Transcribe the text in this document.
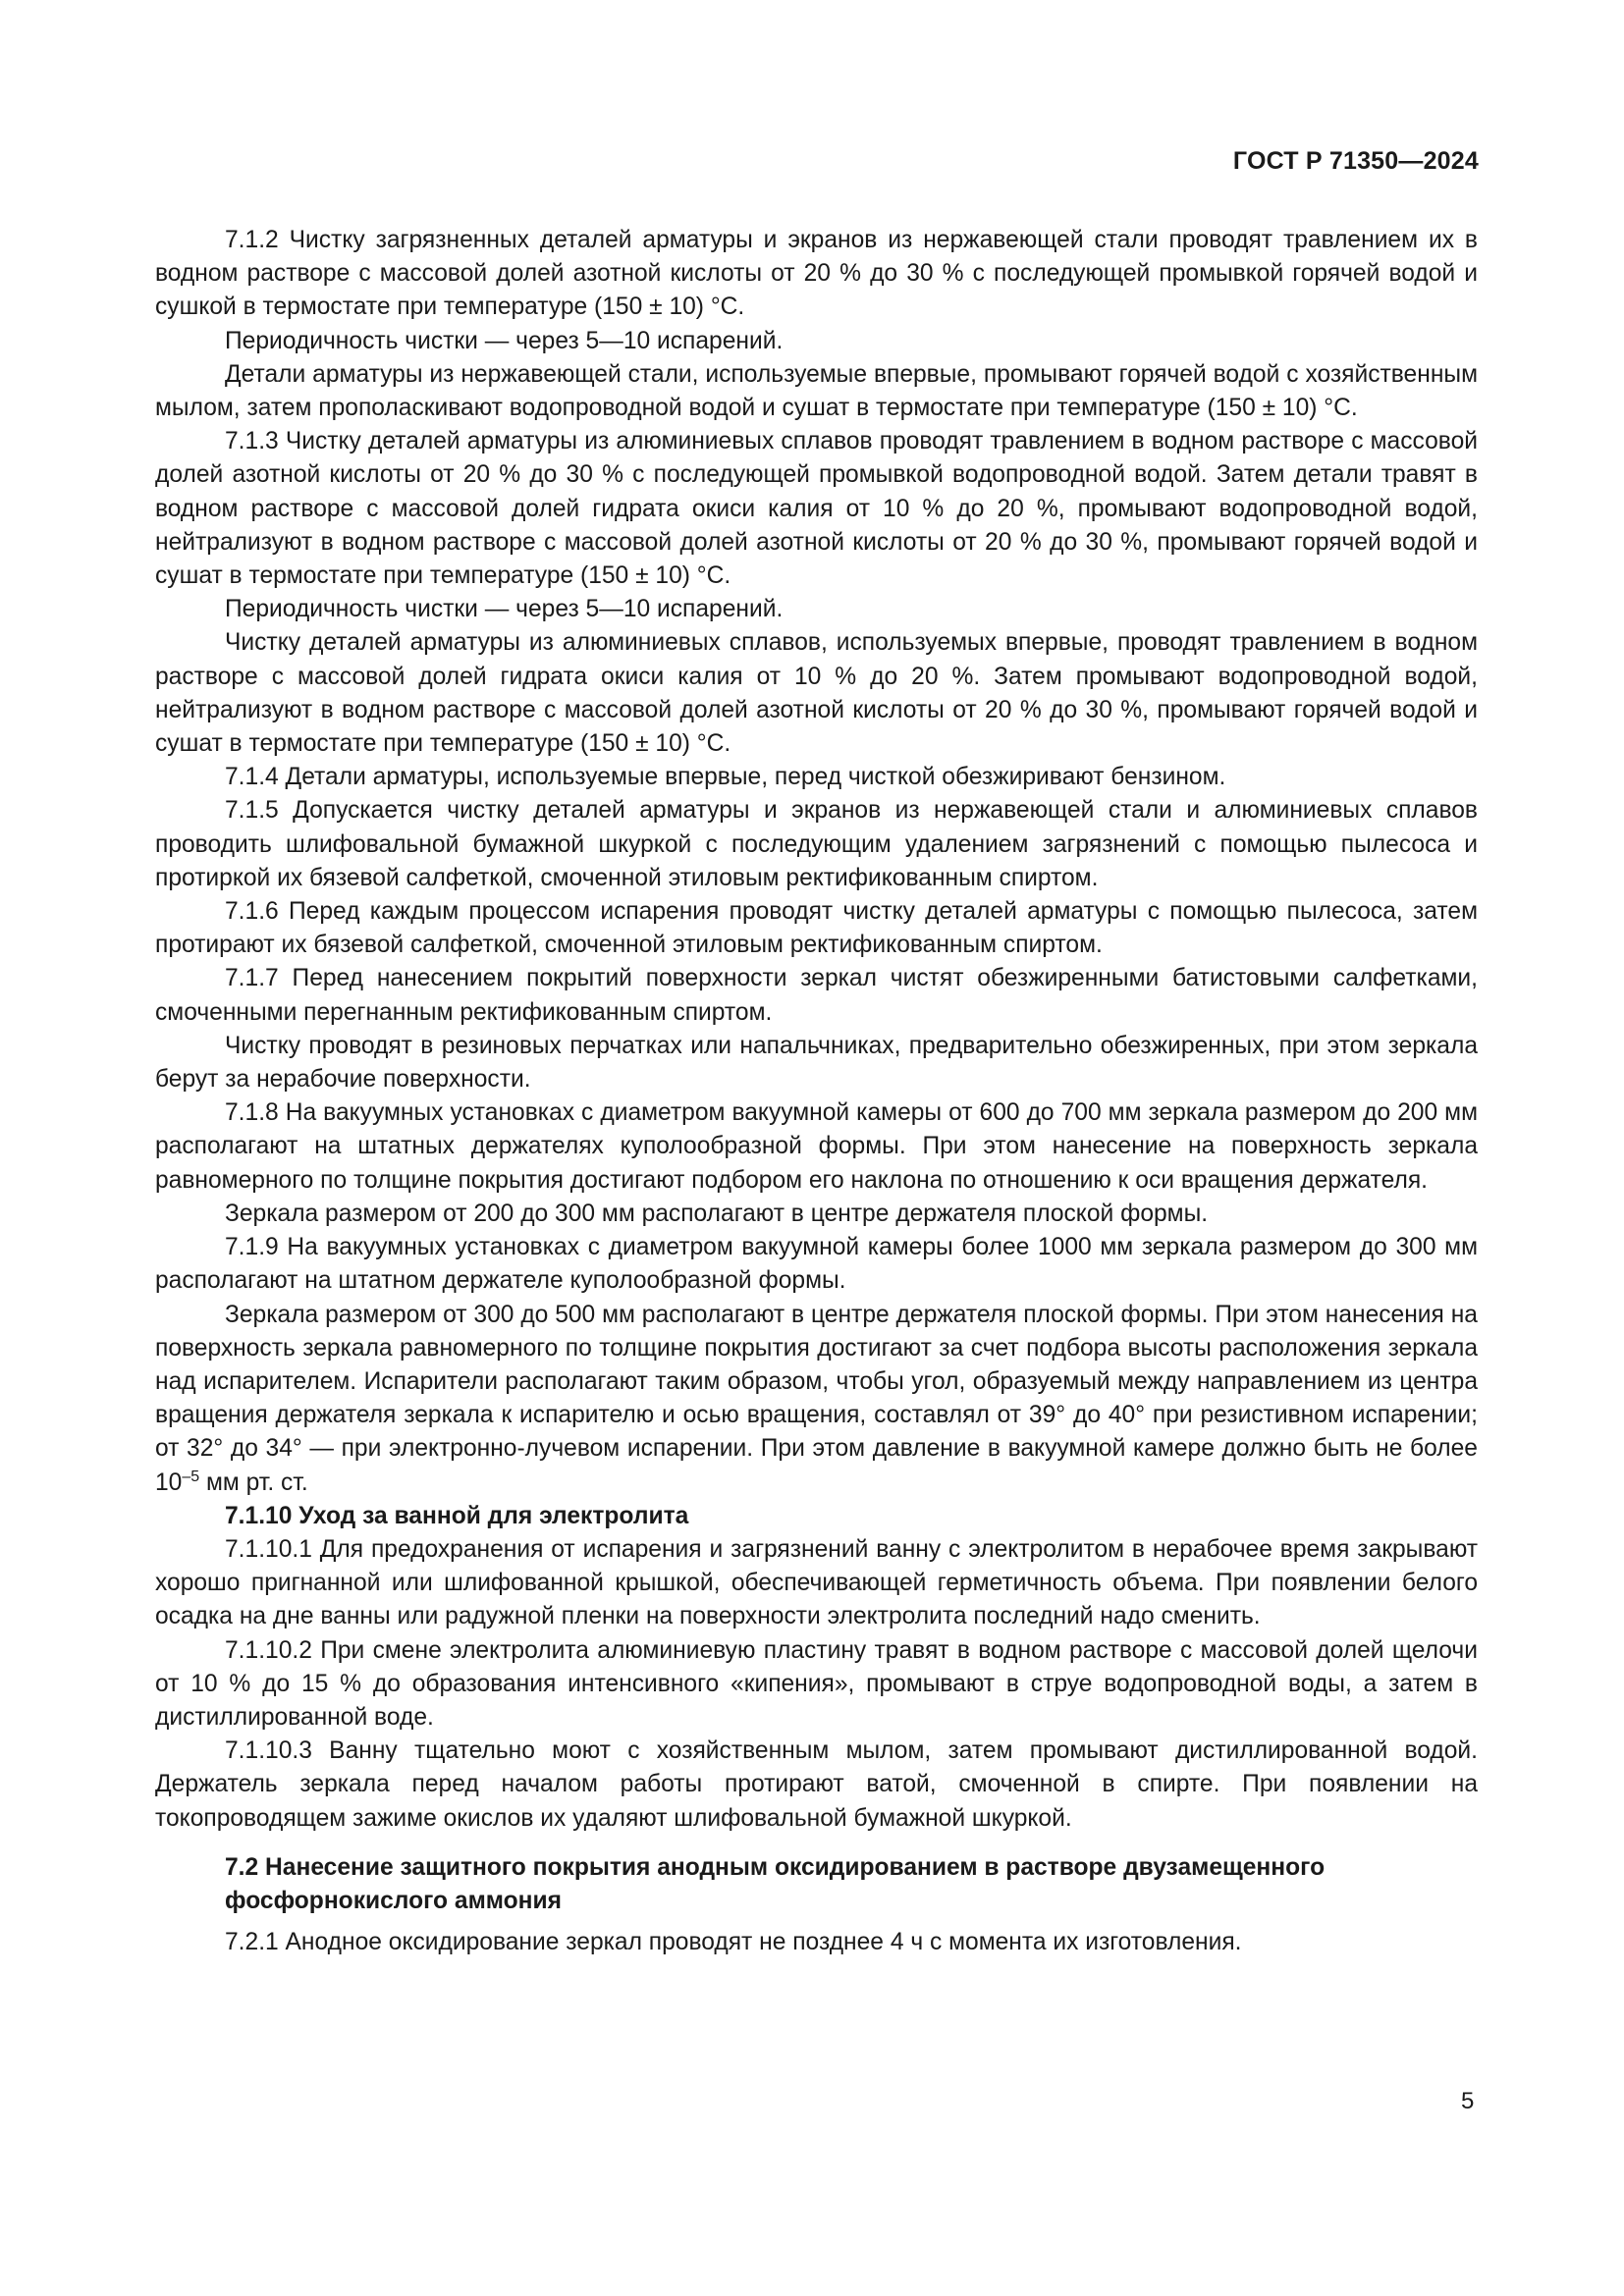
ГОСТ Р 71350—2024

7.1.2 Чистку загрязненных деталей арматуры и экранов из нержавеющей стали проводят травлением их в водном растворе с массовой долей азотной кислоты от 20 % до 30 % с последующей промывкой горячей водой и сушкой в термостате при температуре (150 ± 10) °С.

Периодичность чистки — через 5—10 испарений.

Детали арматуры из нержавеющей стали, используемые впервые, промывают горячей водой с хозяйственным мылом, затем прополаскивают водопроводной водой и сушат в термостате при температуре (150 ± 10) °С.

7.1.3 Чистку деталей арматуры из алюминиевых сплавов проводят травлением в водном растворе с массовой долей азотной кислоты от 20 % до 30 % с последующей промывкой водопроводной водой. Затем детали травят в водном растворе с массовой долей гидрата окиси калия от 10 % до 20 %, промывают водопроводной водой, нейтрализуют в водном растворе с массовой долей азотной кислоты от 20 % до 30 %, промывают горячей водой и сушат в термостате при температуре (150 ± 10) °С.

Периодичность чистки — через 5—10 испарений.

Чистку деталей арматуры из алюминиевых сплавов, используемых впервые, проводят травлением в водном растворе с массовой долей гидрата окиси калия от 10 % до 20 %. Затем промывают водопроводной водой, нейтрализуют в водном растворе с массовой долей азотной кислоты от 20 % до 30 %, промывают горячей водой и сушат в термостате при температуре (150 ± 10) °С.

7.1.4 Детали арматуры, используемые впервые, перед чисткой обезжиривают бензином.

7.1.5 Допускается чистку деталей арматуры и экранов из нержавеющей стали и алюминиевых сплавов проводить шлифовальной бумажной шкуркой с последующим удалением загрязнений с помощью пылесоса и протиркой их бязевой салфеткой, смоченной этиловым ректификованным спиртом.

7.1.6 Перед каждым процессом испарения проводят чистку деталей арматуры с помощью пылесоса, затем протирают их бязевой салфеткой, смоченной этиловым ректификованным спиртом.

7.1.7 Перед нанесением покрытий поверхности зеркал чистят обезжиренными батистовыми салфетками, смоченными перегнанным ректификованным спиртом.

Чистку проводят в резиновых перчатках или напальчниках, предварительно обезжиренных, при этом зеркала берут за нерабочие поверхности.

7.1.8 На вакуумных установках с диаметром вакуумной камеры от 600 до 700 мм зеркала размером до 200 мм располагают на штатных держателях куполообразной формы. При этом нанесение на поверхность зеркала равномерного по толщине покрытия достигают подбором его наклона по отношению к оси вращения держателя.

Зеркала размером от 200 до 300 мм располагают в центре держателя плоской формы.

7.1.9 На вакуумных установках с диаметром вакуумной камеры более 1000 мм зеркала размером до 300 мм располагают на штатном держателе куполообразной формы.

Зеркала размером от 300 до 500 мм располагают в центре держателя плоской формы. При этом нанесения на поверхность зеркала равномерного по толщине покрытия достигают за счет подбора высоты расположения зеркала над испарителем. Испарители располагают таким образом, чтобы угол, образуемый между направлением из центра вращения держателя зеркала к испарителю и осью вращения, составлял от 39° до 40° при резистивном испарении; от 32° до 34° — при электронно-лучевом испарении. При этом давление в вакуумной камере должно быть не более $10^{-5}$ мм рт. ст.

7.1.10 Уход за ванной для электролита

7.1.10.1 Для предохранения от испарения и загрязнений ванну с электролитом в нерабочее время закрывают хорошо пригнанной или шлифованной крышкой, обеспечивающей герметичность объема. При появлении белого осадка на дне ванны или радужной пленки на поверхности электролита последний надо сменить.

7.1.10.2 При смене электролита алюминиевую пластину травят в водном растворе с массовой долей щелочи от 10 % до 15 % до образования интенсивного «кипения», промывают в струе водопроводной воды, а затем в дистиллированной воде.

7.1.10.3 Ванну тщательно моют с хозяйственным мылом, затем промывают дистиллированной водой. Держатель зеркала перед началом работы протирают ватой, смоченной в спирте. При появлении на токопроводящем зажиме окислов их удаляют шлифовальной бумажной шкуркой.

7.2 Нанесение защитного покрытия анодным оксидированием в растворе двузамещенного фосфорнокислого аммония

7.2.1 Анодное оксидирование зеркал проводят не позднее 4 ч с момента их изготовления.

5
